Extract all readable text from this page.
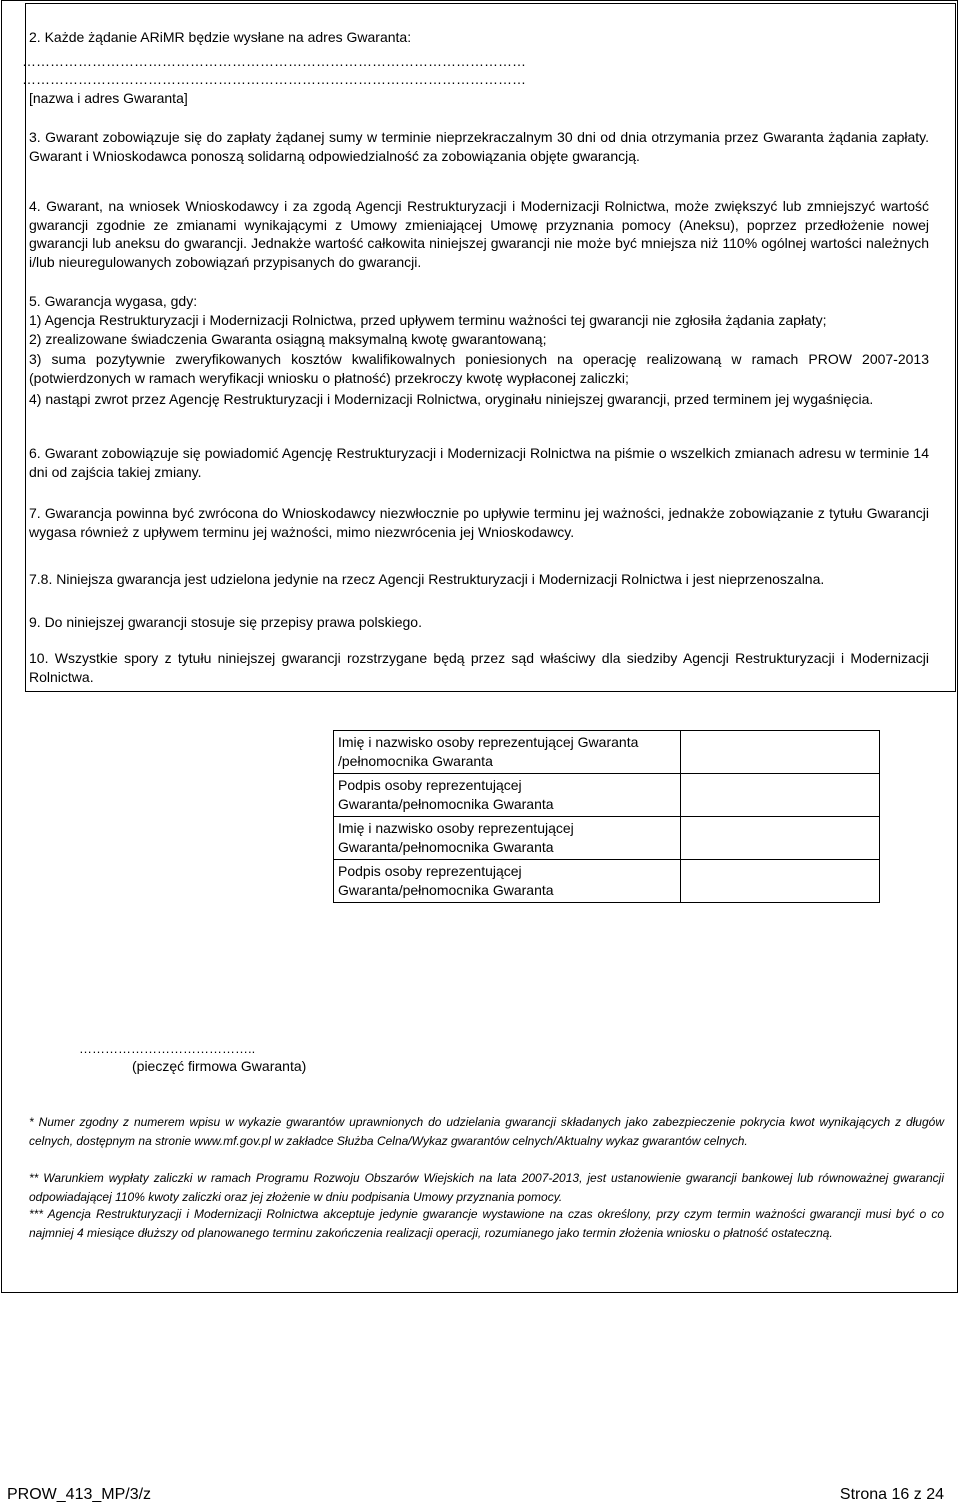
2. Każde żądanie ARiMR będzie wysłane na adres Gwaranta:

………………………………………………………………………………………………

………………………………………………………………………………………………

[nazwa i adres Gwaranta]

3. Gwarant zobowiązuje się do zapłaty żądanej sumy w terminie nieprzekraczalnym 30 dni od dnia otrzymania przez Gwaranta żądania zapłaty. Gwarant i Wnioskodawca ponoszą solidarną odpowiedzialność za zobowiązania objęte gwarancją.

4. Gwarant, na wniosek Wnioskodawcy i za zgodą Agencji Restrukturyzacji i Modernizacji Rolnictwa, może zwiększyć lub zmniejszyć wartość gwarancji zgodnie ze zmianami wynikającymi z Umowy zmieniającej Umowę przyznania pomocy (Aneksu), poprzez przedłożenie nowej gwarancji lub aneksu do gwarancji. Jednakże wartość całkowita niniejszej gwarancji nie może być mniejsza niż 110% ogólnej wartości należnych i/lub nieuregulowanych zobowiązań przypisanych do gwarancji.

5. Gwarancja wygasa, gdy:

1) Agencja Restrukturyzacji i Modernizacji Rolnictwa, przed upływem terminu ważności tej gwarancji nie zgłosiła żądania zapłaty;

2) zrealizowane świadczenia Gwaranta osiągną maksymalną kwotę gwarantowaną;

3) suma pozytywnie zweryfikowanych kosztów kwalifikowalnych poniesionych na operację realizowaną w ramach PROW 2007-2013 (potwierdzonych w ramach weryfikacji wniosku o płatność) przekroczy kwotę wypłaconej zaliczki;

4) nastąpi zwrot przez Agencję Restrukturyzacji i Modernizacji Rolnictwa, oryginału niniejszej gwarancji, przed terminem jej wygaśnięcia.

6. Gwarant zobowiązuje się powiadomić Agencję Restrukturyzacji i Modernizacji Rolnictwa na piśmie o wszelkich zmianach adresu w terminie 14 dni od zajścia takiej zmiany.

7. Gwarancja powinna być zwrócona do Wnioskodawcy niezwłocznie po upływie terminu jej ważności, jednakże zobowiązanie z tytułu Gwarancji wygasa również z upływem terminu jej ważności, mimo niezwrócenia jej Wnioskodawcy.

7.8. Niniejsza gwarancja jest udzielona jedynie na rzecz Agencji Restrukturyzacji i Modernizacji Rolnictwa i jest nieprzenoszalna.

9. Do niniejszej gwarancji stosuje się przepisy prawa polskiego.

10. Wszystkie spory z tytułu niniejszej gwarancji rozstrzygane będą przez sąd właściwy dla siedziby Agencji Restrukturyzacji i Modernizacji Rolnictwa.

Imię i nazwisko osoby reprezentującej Gwaranta /pełnomocnika Gwaranta	
Podpis osoby reprezentującej Gwaranta/pełnomocnika Gwaranta	
Imię i nazwisko osoby reprezentującej Gwaranta/pełnomocnika Gwaranta	
Podpis osoby reprezentującej Gwaranta/pełnomocnika Gwaranta	
…………………………………..
(pieczęć firmowa Gwaranta)

* Numer zgodny z numerem wpisu w wykazie gwarantów uprawnionych do udzielania gwarancji składanych jako zabezpieczenie pokrycia kwot wynikających z długów celnych, dostępnym na stronie www.mf.gov.pl w zakładce Służba Celna/Wykaz gwarantów celnych/Aktualny wykaz gwarantów celnych.

** Warunkiem wypłaty zaliczki w ramach Programu Rozwoju Obszarów Wiejskich na lata 2007-2013, jest ustanowienie gwarancji bankowej lub równoważnej gwarancji odpowiadającej 110% kwoty zaliczki oraz jej złożenie w dniu podpisania Umowy przyznania pomocy.

*** Agencja Restrukturyzacji i Modernizacji Rolnictwa akceptuje jedynie gwarancje wystawione na czas określony, przy czym termin ważności gwarancji musi być o co najmniej 4 miesiące dłuższy od planowanego terminu zakończenia realizacji operacji, rozumianego jako termin złożenia wniosku o płatność ostateczną.

PROW_413_MP/3/z	Strona 16 z 24
